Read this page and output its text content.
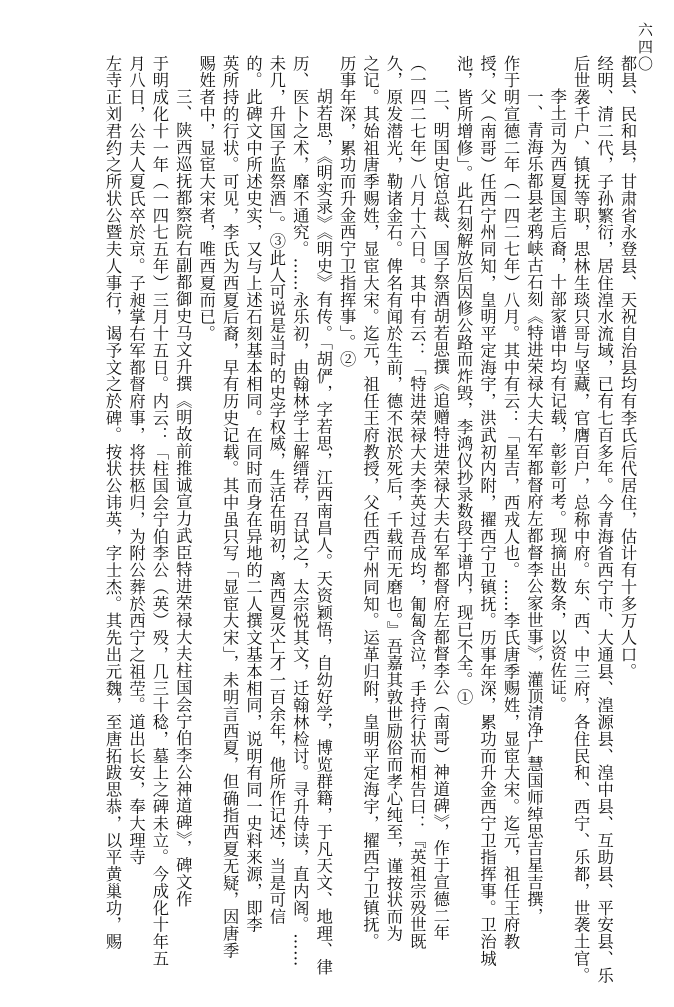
六四〇
都县、民和县，甘肃省永登县、天祝自治县均有李氏后代居住，估计有十多万人口。
经明、清二代，子孙繁衍，居住湟水流域，已有七百多年。今青海省西宁市、大通县、湟源县、湟中县、互助县、平安县、乐
后世袭千户、镇抚等职，思林生琰只哥与坚藏，官膺百户，总称中府。东、西、中三府，各住民和、西宁、乐都，世袭土官。
李土司为西夏国主后裔，十部家谱中均有记载，彰彰可考。现摘出数条，以资佐证。
一、青海乐都县老鸦峡古石刻《特进荣禄大夫右军都督府左都督李公家世事》，灌顶清净广慧国师绰思吉星吉撰，
作于明宣德二年（一四二七年）八月。其中有云：「星吉，西戎人也。……李氏唐季赐姓，显宦大宋。迄元，祖任王府教
授，父（南哥）任西宁州同知，皇明平定海宇，洪武初内附，擢西宁卫镇抚。历事年深，累功而升金西宁卫指挥事。卫治城
池，皆所增修」。此石刻解放后因修公路而炸毁，李鸿仪抄录数段于谱内，现已不全。①
二、明国史馆总裁、国子祭酒胡若思撰《追赠特进荣禄大夫右军都督府左都督李公（南哥）神道碑》，作于宣德二年
（一四二七年）八月十六日。其中有云：「特进荣禄大夫李英过吾成均，匍匐含泣，手持行状而相告曰：『英祖宗殁世既
久，原发潜光，勒诸金石。俾名有闻於生前，德不泯於死后，千载而无磨也。』吾嘉其敦世励俗而孝心纯至，谨按状而为
之记。其始祖唐季赐姓，显宦大宋。迄元，祖任王府教授，父任西宁州同知。运革归附，皇明平定海宇，擢西宁卫镇抚。
历事年深，累功而升金西宁卫指挥事」。②
胡若思，《明实录》《明史》有传。「胡俨，字若思，江西南昌人。天资颖悟，自幼好学，博览群籍，于凡天文、地理、律
历、医卜之术，靡不通究。……永乐初，由翰林学士解缙荐，召试之，太宗悦其文，迁翰林检讨。寻升侍读，直内阁。……
未几，升国子监祭酒」。③此人可说是当时的史学权威，生活在明初，离西夏灭亡才一百余年，他所作记述，当是可信
的。此碑文中所述史实，又与上述石刻基本相同。在同时而身在异地的二人撰文基本相同，说明有同一史料来源，即李
英所持的行状。可见，李氏为西夏后裔，早有历史记载。其中虽只写「显宦大宋」，未明言西夏，但确指西夏无疑，因唐季
赐姓者中，显宦大宋者，唯西夏而已。
三、陕西巡抚都察院右副都御史马文升撰《明故前推诚宣力武臣特进荣禄大夫柱国会宁伯李公神道碑》，碑文作
于明成化十一年（一四七五年）三月十五日。内云：「柱国会宁伯李公（英）殁，几三十稔，墓上之碑未立。今成化十年五
月八日，公夫人夏氏卒於京。子昶掌右军都督府事，将扶柩归，为附公葬於西宁之祖茔。道出长安，奉大理寺
左寺正刘君约之所状公暨夫人事行，谒予文之於碑。按状公讳英，字士杰。其先出元魏，至唐拓跋思恭，以平黄巢功，赐
